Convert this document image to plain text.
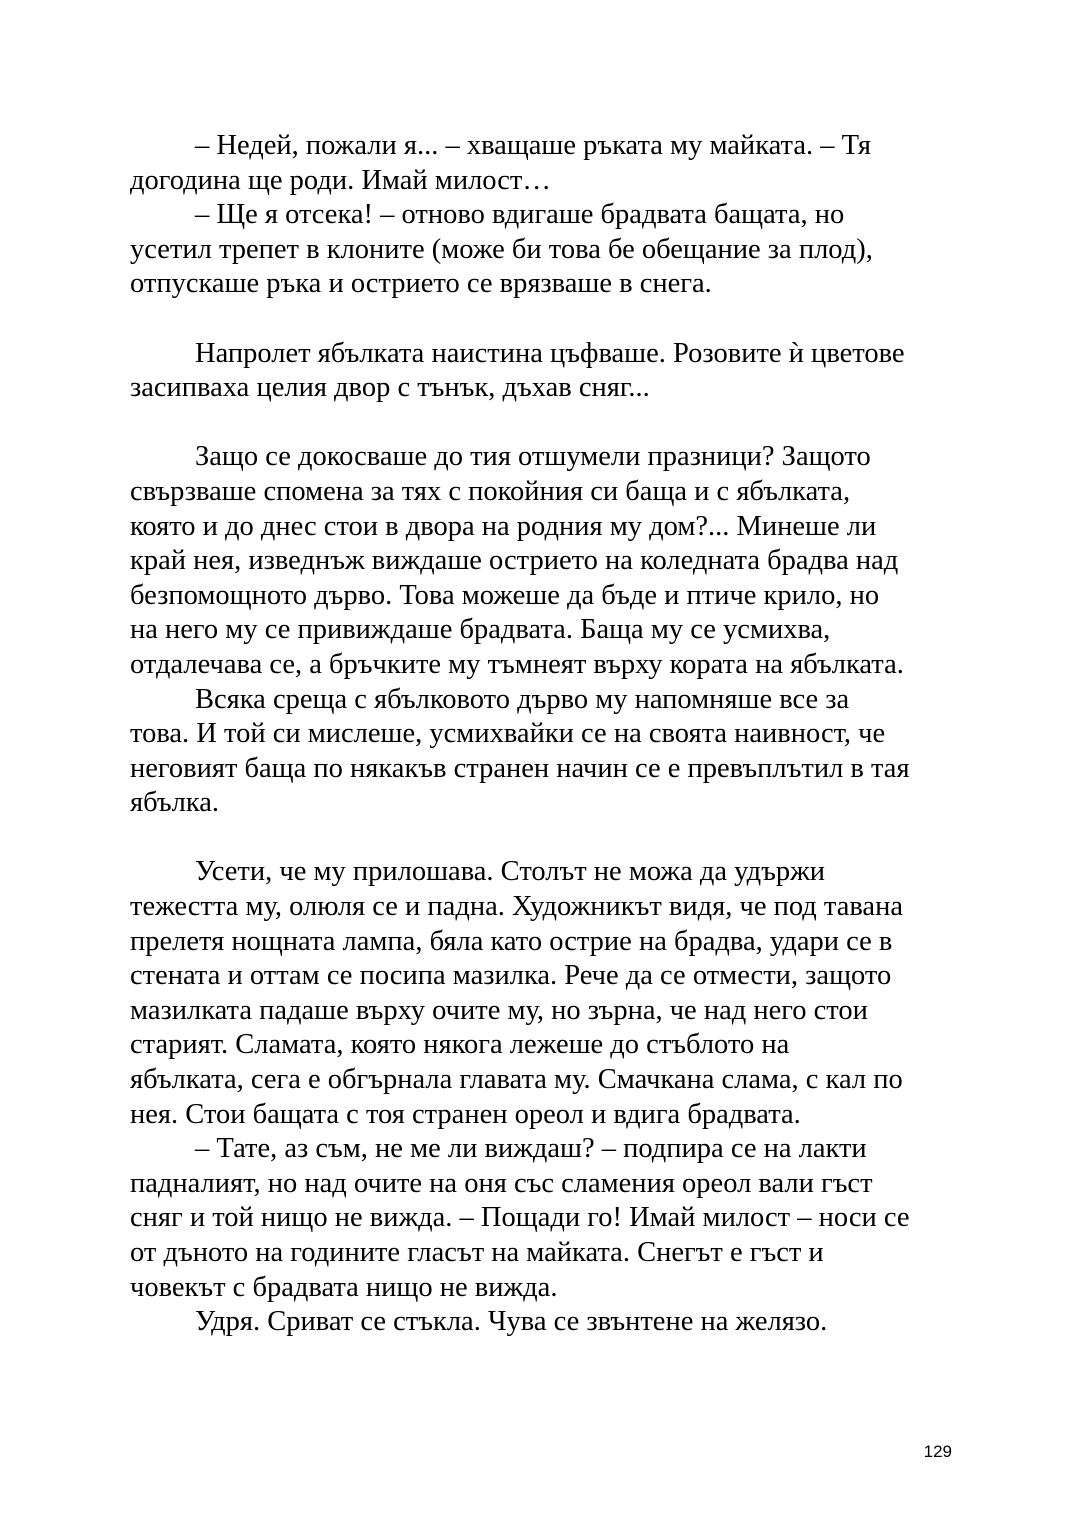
– Недей, пожали я... – хващаше ръката му майката. – Тя
догодина ще роди. Имай милост…
– Ще я отсека! – отново вдигаше брадвата бащата, но
усетил трепет в клоните (може би това бе обещание за плод),
отпускаше ръка и острието се врязваше в снега.
Напролет ябълката наистина цъфваше. Розовите ѝ цветове
засипваха целия двор с тънък, дъхав сняг...
Защо се докосваше до тия отшумели празници? Защото
свързваше спомена за тях с покойния си баща и с ябълката,
която и до днес стои в двора на родния му дом?... Минеше ли
край нея, изведнъж виждаше острието на коледната брадва над
безпомощното дърво. Това можеше да бъде и птиче крило, но
на него му се привиждаше брадвата. Баща му се усмихва,
отдалечава се, а бръчките му тъмнеят върху кората на ябълката.
Всяка среща с ябълковото дърво му напомняше все за
това. И той си мислеше, усмихвайки се на своята наивност, че
неговият баща по някакъв странен начин се е превъплътил в тая
ябълка.
Усети, че му прилошава. Столът не можа да удържи
тежестта му, олюля се и падна. Художникът видя, че под тавана
прелетя нощната лампа, бяла като острие на брадва, удари се в
стената и оттам се посипа мазилка. Рече да се отмести, защото
мазилката падаше върху очите му, но зърна, че над него стои
старият. Сламата, която някога лежеше до стъблото на
ябълката, сега е обгърнала главата му. Смачкана слама, с кал по
нея. Стои бащата с тоя странен ореол и вдига брадвата.
– Тате, аз съм, не ме ли виждаш? – подпира се на лакти
падналият, но над очите на оня със сламения ореол вали гъст
сняг и той нищо не вижда. – Пощади го! Имай милост – носи се
от дъното на годините гласът на майката. Снегът е гъст и
човекът с брадвата нищо не вижда.
Удря. Сриват се стъкла. Чува се звънтене на желязо.
129
